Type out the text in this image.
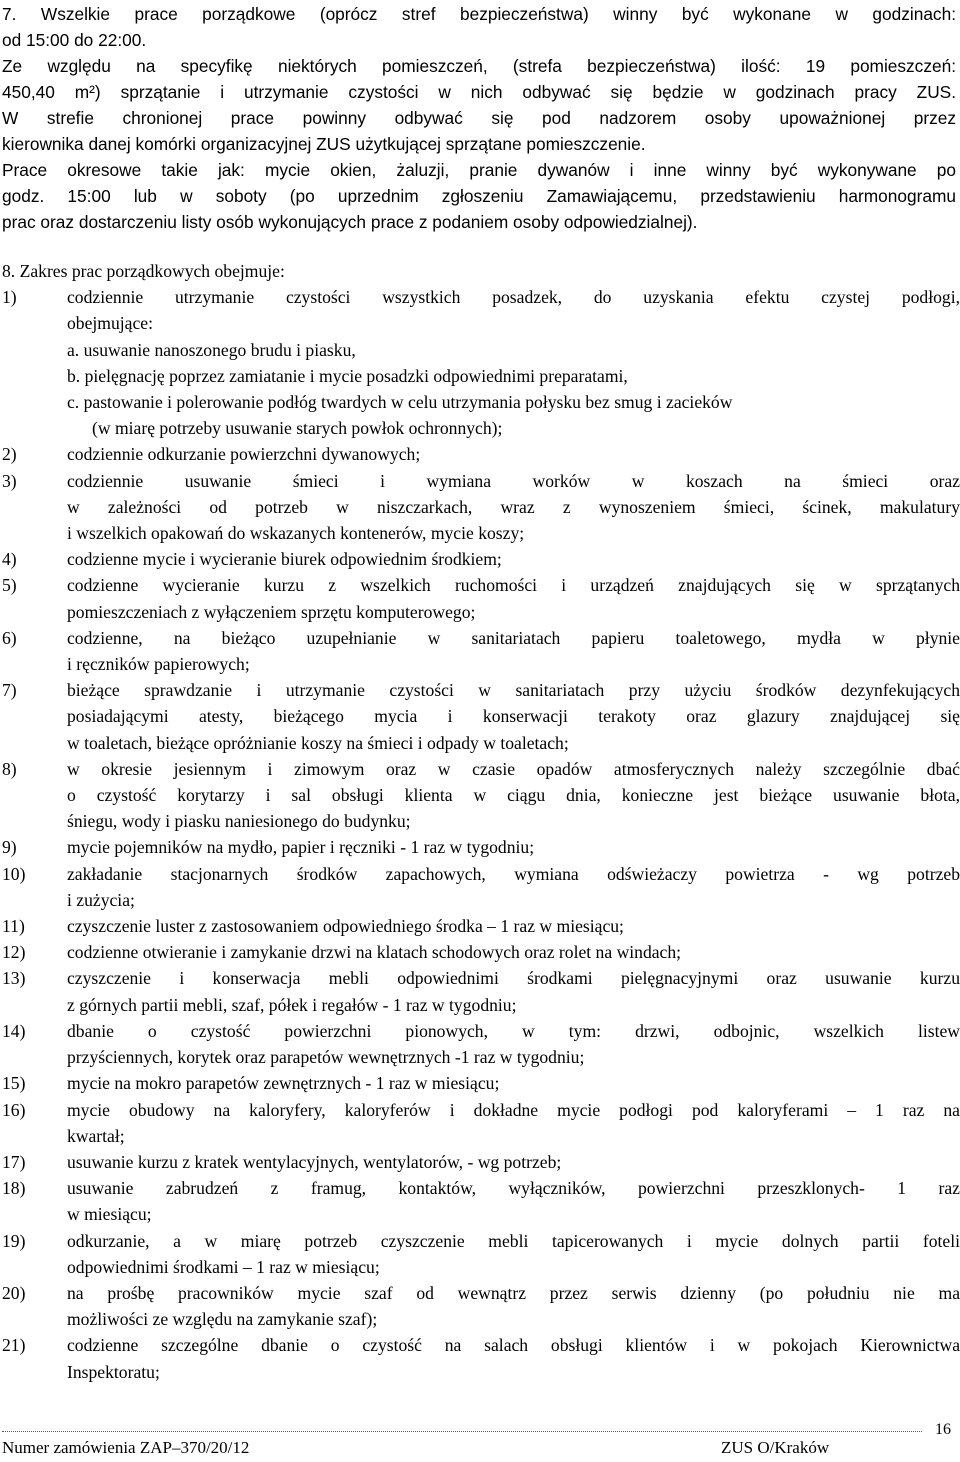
7. Wszelkie prace porządkowe (oprócz stref bezpieczeństwa) winny być wykonane w godzinach:
od 15:00 do 22:00.
Ze względu na specyfikę niektórych pomieszczeń, (strefa bezpieczeństwa) ilość: 19 pomieszczeń:
450,40 m²) sprzątanie i utrzymanie czystości w nich odbywać się będzie w godzinach pracy ZUS.
W strefie chronionej prace powinny odbywać się pod nadzorem osoby upoważnionej przez
kierownika danej komórki organizacyjnej ZUS użytkującej sprzątane pomieszczenie.
Prace okresowe takie jak: mycie okien, żaluzji, pranie dywanów i inne winny być wykonywane po
godz. 15:00 lub w soboty (po uprzednim zgłoszeniu Zamawiającemu, przedstawieniu harmonogramu
prac oraz dostarczeniu listy osób wykonujących prace z podaniem osoby odpowiedzialnej).
8. Zakres prac porządkowych obejmuje:
1)	codziennie utrzymanie czystości wszystkich posadzek, do uzyskania efektu czystej podłogi,
obejmujące:
a. usuwanie nanoszonego brudu i piasku,
b. pielęgnację poprzez zamiatanie i mycie posadzki odpowiednimi preparatami,
c. pastowanie i polerowanie podłóg twardych w celu utrzymania połysku bez smug i zacieków
(w miarę potrzeby usuwanie starych powłok ochronnych);
2)	codziennie odkurzanie powierzchni dywanowych;
3)	codziennie usuwanie śmieci i wymiana worków w koszach na śmieci oraz
w zależności od potrzeb w niszczarkach, wraz z wynoszeniem śmieci, ścinek, makulatury
i wszelkich opakowań do wskazanych kontenerów, mycie koszy;
4)	codzienne mycie i wycieranie biurek odpowiednim środkiem;
5)	codzienne wycieranie kurzu z wszelkich ruchomości i urządzeń znajdujących się w sprzątanych
pomieszczeniach z wyłączeniem sprzętu komputerowego;
6)	codzienne, na bieżąco uzupełnianie w sanitariatach papieru toaletowego, mydła w płynie
i ręczników papierowych;
7)	bieżące sprawdzanie i utrzymanie czystości w sanitariatach przy użyciu środków dezynfekujących
posiadającymi atesty, bieżącego mycia i konserwacji terakoty oraz glazury znajdującej się
w toaletach, bieżące opróżnianie koszy na śmieci i odpady w toaletach;
8)	w okresie jesiennym i zimowym oraz w czasie opadów atmosferycznych należy szczególnie dbać
o czystość korytarzy i sal obsługi klienta w ciągu dnia, konieczne jest bieżące usuwanie błota,
śniegu, wody i piasku naniesionego do budynku;
9)	mycie pojemników na mydło, papier i ręczniki - 1 raz w tygodniu;
10) zakładanie stacjonarnych środków zapachowych, wymiana odświeżaczy powietrza - wg potrzeb
i zużycia;
11) czyszczenie luster z zastosowaniem odpowiedniego środka – 1 raz w miesiącu;
12) codzienne otwieranie i zamykanie drzwi na klatach schodowych oraz rolet na windach;
13) czyszczenie i konserwacja mebli odpowiednimi środkami pielęgnacyjnymi oraz usuwanie kurzu
z górnych partii mebli, szaf, półek i regałów - 1 raz w tygodniu;
14) dbanie o czystość powierzchni pionowych, w tym: drzwi, odbojnic, wszelkich listew
przyściennych, korytek oraz parapetów wewnętrznych -1 raz w tygodniu;
15) mycie na mokro parapetów zewnętrznych - 1 raz w miesiącu;
16) mycie obudowy na kaloryfery, kaloryferów i dokładne mycie podłogi pod kaloryferami – 1 raz na
kwartał;
17) usuwanie kurzu z kratek wentylacyjnych, wentylatorów, - wg potrzeb;
18) usuwanie zabrudzeń z framug, kontaktów, wyłączników, powierzchni przeszklonych- 1 raz
w miesiącu;
19) odkurzanie, a w miarę potrzeb czyszczenie mebli tapicerowanych i mycie dolnych partii foteli
odpowiednimi środkami – 1 raz w miesiącu;
20) na prośbę pracowników mycie szaf od wewnątrz przez serwis dzienny (po południu nie ma
możliwości ze względu na zamykanie szaf);
21) codzienne szczególne dbanie o czystość na salach obsługi klientów i w pokojach Kierownictwa
Inspektoratu;
16
Numer zamówienia ZAP–370/20/12	ZUS O/Kraków
